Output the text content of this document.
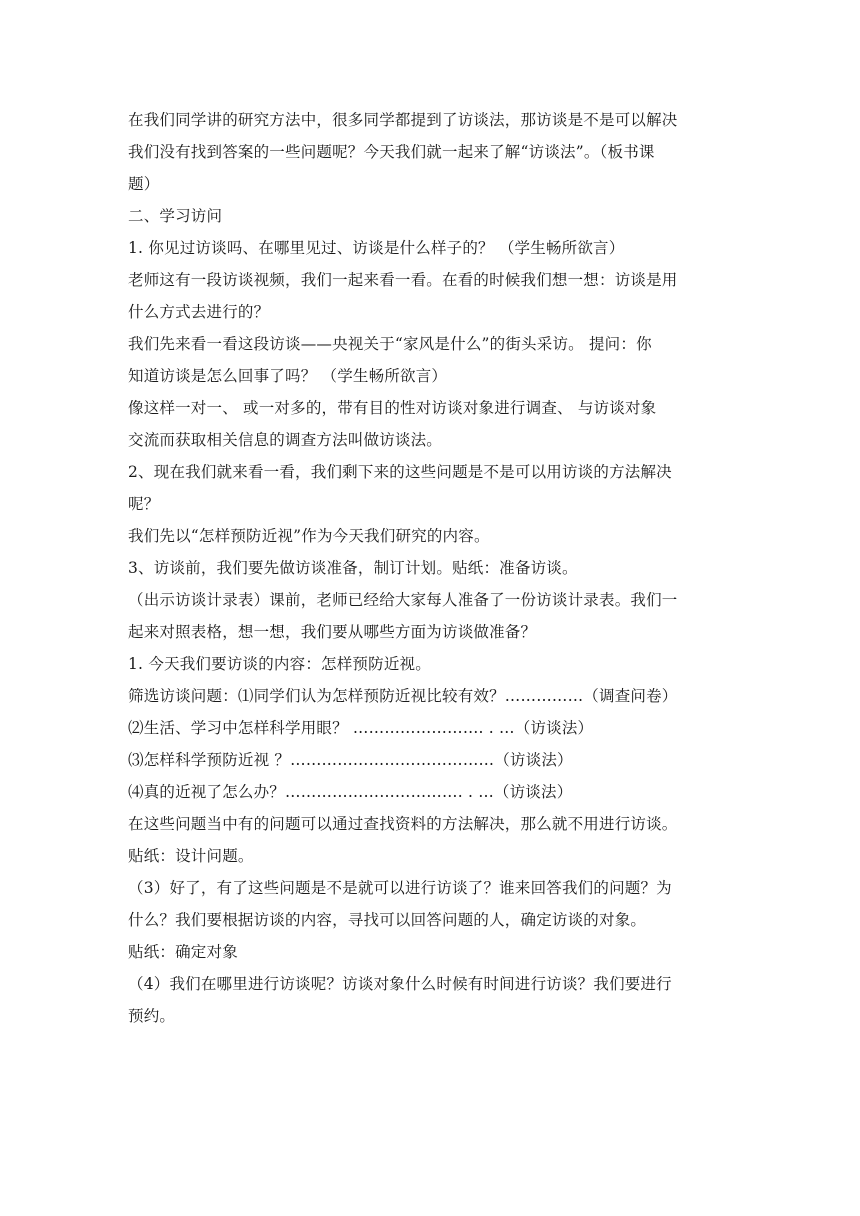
在我们同学讲的研究方法中，很多同学都提到了访谈法，那访谈是不是可以解决

我们没有找到答案的一些问题呢？今天我们就一起来了解“访谈法”。（板书课

题）

二、学习访问

1. 你见过访谈吗、在哪里见过、访谈是什么样子的？ （学生畅所欲言）

老师这有一段访谈视频，我们一起来看一看。在看的时候我们想一想：访谈是用

什么方式去进行的？

我们先来看一看这段访谈——央视关于“家风是什么”的街头采访。 提问：你

知道访谈是怎么回事了吗？ （学生畅所欲言）

像这样一对一、 或一对多的，带有目的性对访谈对象进行调查、 与访谈对象

交流而获取相关信息的调查方法叫做访谈法。

2、现在我们就来看一看，我们剩下来的这些问题是不是可以用访谈的方法解决

呢？

我们先以“怎样预防近视”作为今天我们研究的内容。

3、访谈前，我们要先做访谈准备，制订计划。贴纸：准备访谈。

（出示访谈计录表）课前，老师已经给大家每人准备了一份访谈计录表。我们一

起来对照表格，想一想，我们要从哪些方面为访谈做准备？

1. 今天我们要访谈的内容：怎样预防近视。

筛选访谈问题：⑴同学们认为怎样预防近视比较有效？……………（调查问卷）

⑵生活、学习中怎样科学用眼？ ……………………. . …（访谈法）

⑶怎样科学预防近视 ？…………………………………（访谈法）

⑷真的近视了怎么办？……………………………. . …（访谈法）

在这些问题当中有的问题可以通过查找资料的方法解决，那么就不用进行访谈。

贴纸：设计问题。

（3）好了，有了这些问题是不是就可以进行访谈了？谁来回答我们的问题？为

什么？我们要根据访谈的内容，寻找可以回答问题的人，确定访谈的对象。

贴纸：确定对象

（4）我们在哪里进行访谈呢？访谈对象什么时候有时间进行访谈？我们要进行

预约。
